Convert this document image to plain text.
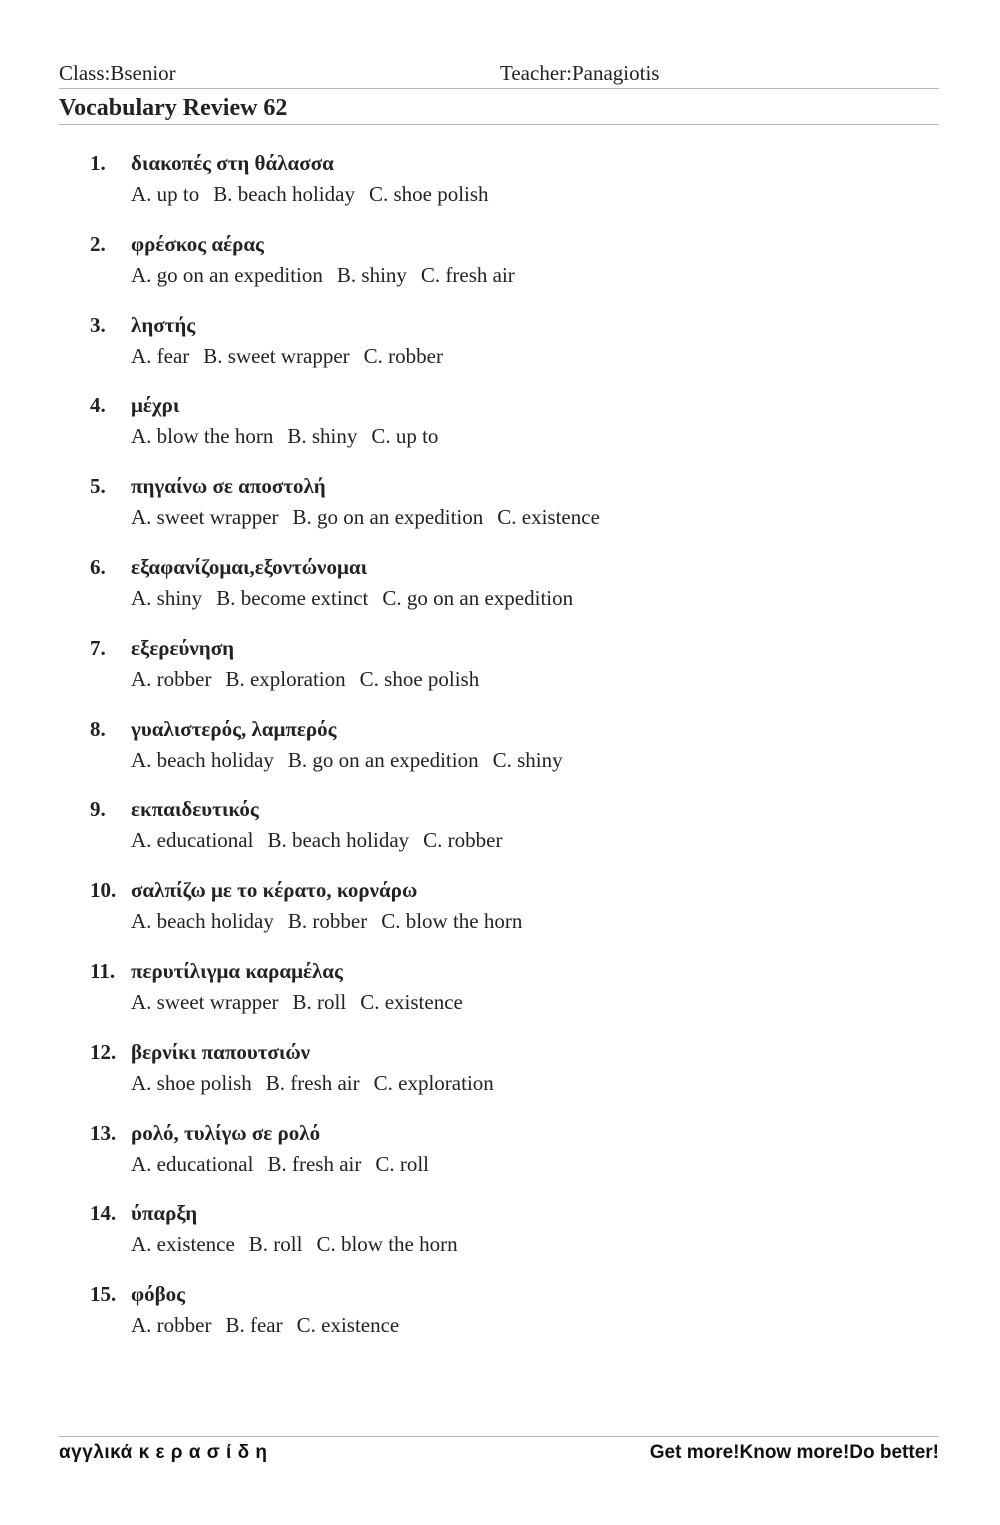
Class:Bsenior	Teacher:Panagiotis
Vocabulary Review 62
1. διακοπές στη θάλασσα
A. up to B. beach holiday C. shoe polish
2. φρέσκος αέρας
A. go on an expedition B. shiny C. fresh air
3. ληστής
A. fear B. sweet wrapper C. robber
4. μέχρι
A. blow the horn B. shiny C. up to
5. πηγαίνω σε αποστολή
A. sweet wrapper B. go on an expedition C. existence
6. εξαφανίζομαι,εξοντώνομαι
A. shiny B. become extinct C. go on an expedition
7. εξερεύνηση
A. robber B. exploration C. shoe polish
8. γυαλιστερός, λαμπερός
A. beach holiday B. go on an expedition C. shiny
9. εκπαιδευτικός
A. educational B. beach holiday C. robber
10. σαλπίζω με το κέρατο, κορνάρω
A. beach holiday B. robber C. blow the horn
11. περυτίλιγμα καραμέλας
A. sweet wrapper B. roll C. existence
12. βερνίκι παπουτσιών
A. shoe polish B. fresh air C. exploration
13. ρολό, τυλίγω σε ρολό
A. educational B. fresh air C. roll
14. ύπαρξη
A. existence B. roll C. blow the horn
15. φόβος
A. robber B. fear C. existence
αγγλικά κ ε ρ α σ ί δ η	Get more!Know more!Do better!
